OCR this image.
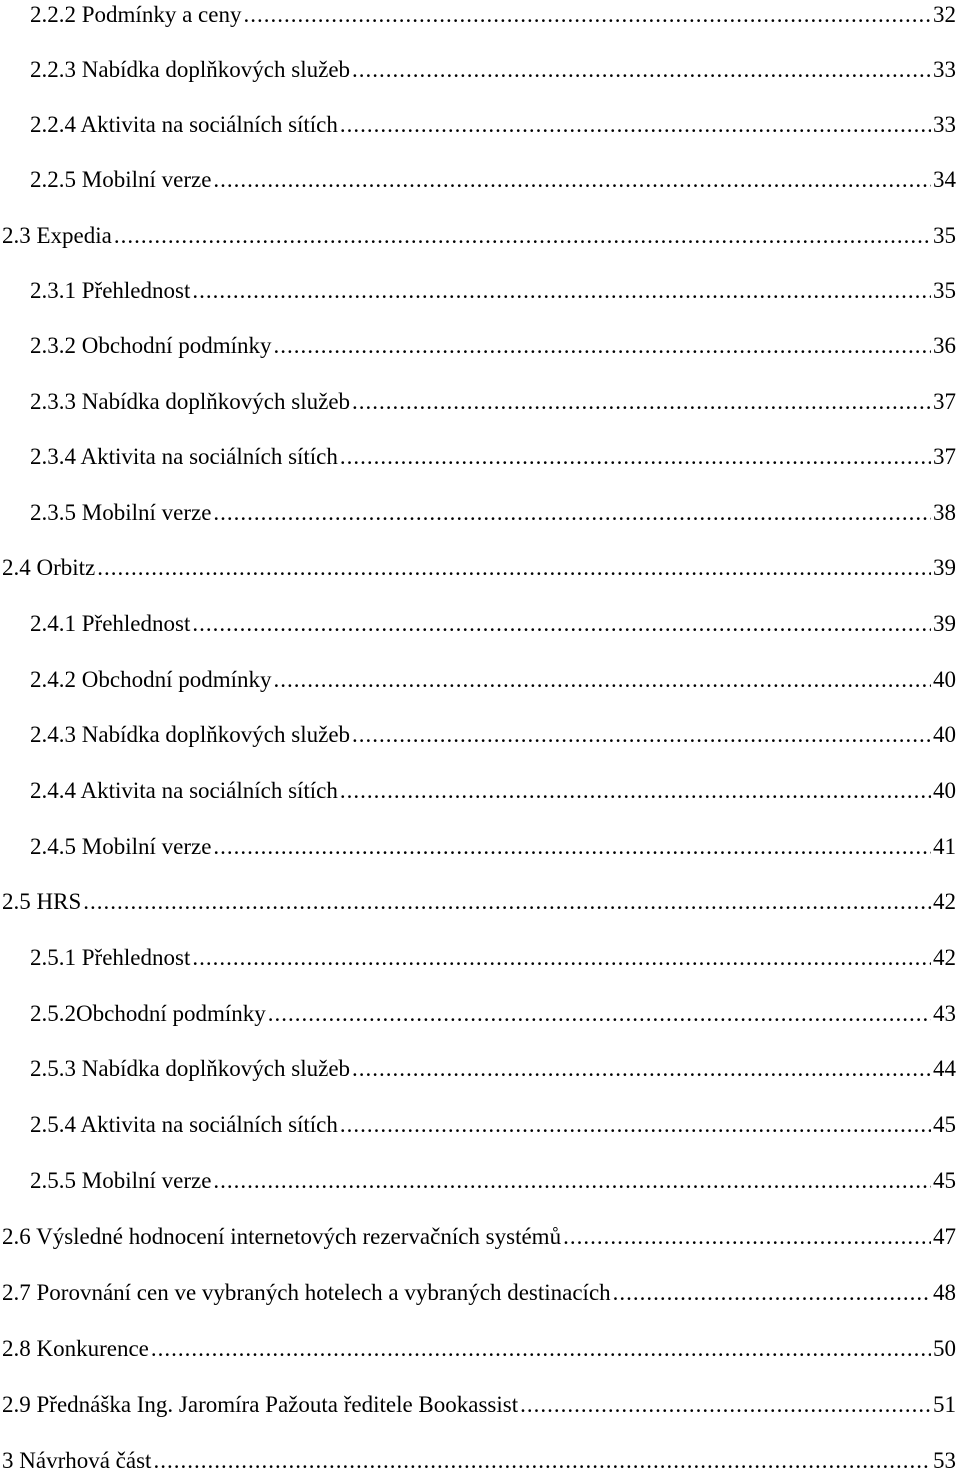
2.2.2 Podmínky a ceny .....	32
2.2.3 Nabídka doplňkových služeb .....	33
2.2.4 Aktivita na sociálních sítích .....	33
2.2.5 Mobilní verze .....	34
2.3 Expedia .....	35
2.3.1 Přehlednost .....	35
2.3.2 Obchodní podmínky .....	36
2.3.3 Nabídka doplňkových služeb .....	37
2.3.4 Aktivita na sociálních sítích .....	37
2.3.5 Mobilní verze .....	38
2.4 Orbitz .....	39
2.4.1 Přehlednost .....	39
2.4.2 Obchodní podmínky .....	40
2.4.3 Nabídka doplňkových služeb .....	40
2.4.4 Aktivita na sociálních sítích .....	40
2.4.5 Mobilní verze .....	41
2.5 HRS .....	42
2.5.1 Přehlednost .....	42
2.5.2Obchodní podmínky .....	43
2.5.3 Nabídka doplňkových služeb .....	44
2.5.4 Aktivita na sociálních sítích .....	45
2.5.5 Mobilní verze .....	45
2.6 Výsledné hodnocení internetových rezervačních systémů .....	47
2.7 Porovnání cen ve vybraných hotelech a vybraných destinacích .....	48
2.8 Konkurence .....	50
2.9 Přednáška Ing. Jaromíra Pažouta ředitele Bookassist .....	51
3 Návrhová část .....	53
